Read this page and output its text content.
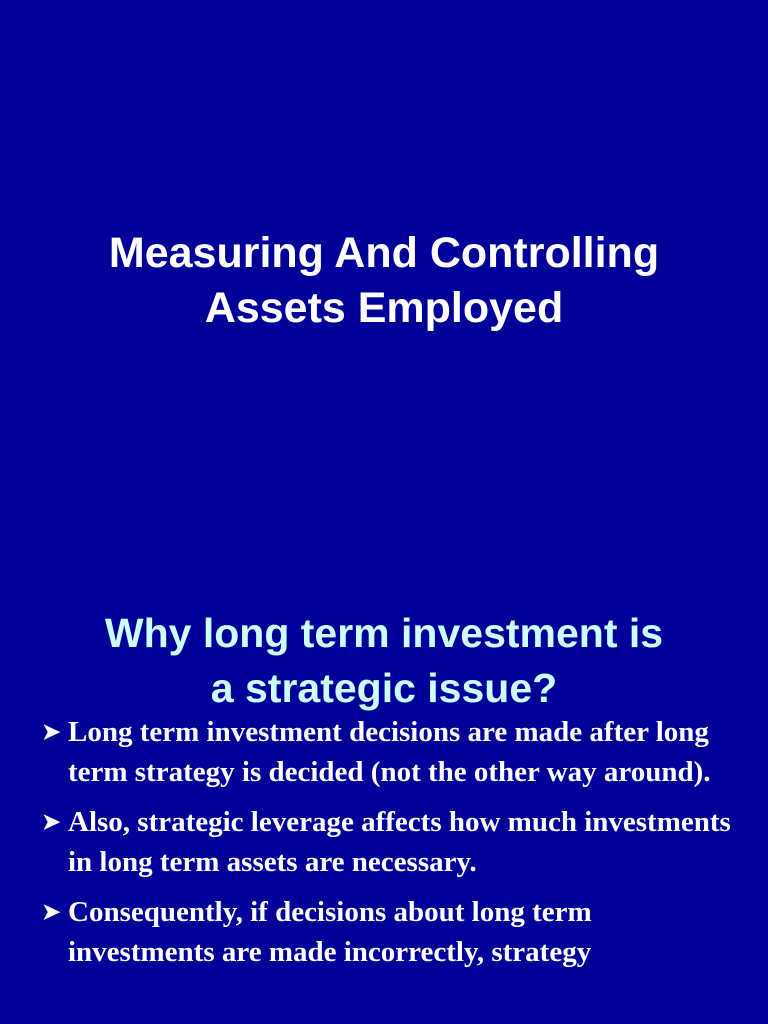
Measuring And Controlling
Assets Employed
Why long term investment is
a strategic issue?
➤ Long term investment decisions are made after long term strategy is decided (not the other way around).
➤ Also, strategic leverage affects how much investments in long term assets are necessary.
➤ Consequently, if decisions about long term investments are made incorrectly, strategy
